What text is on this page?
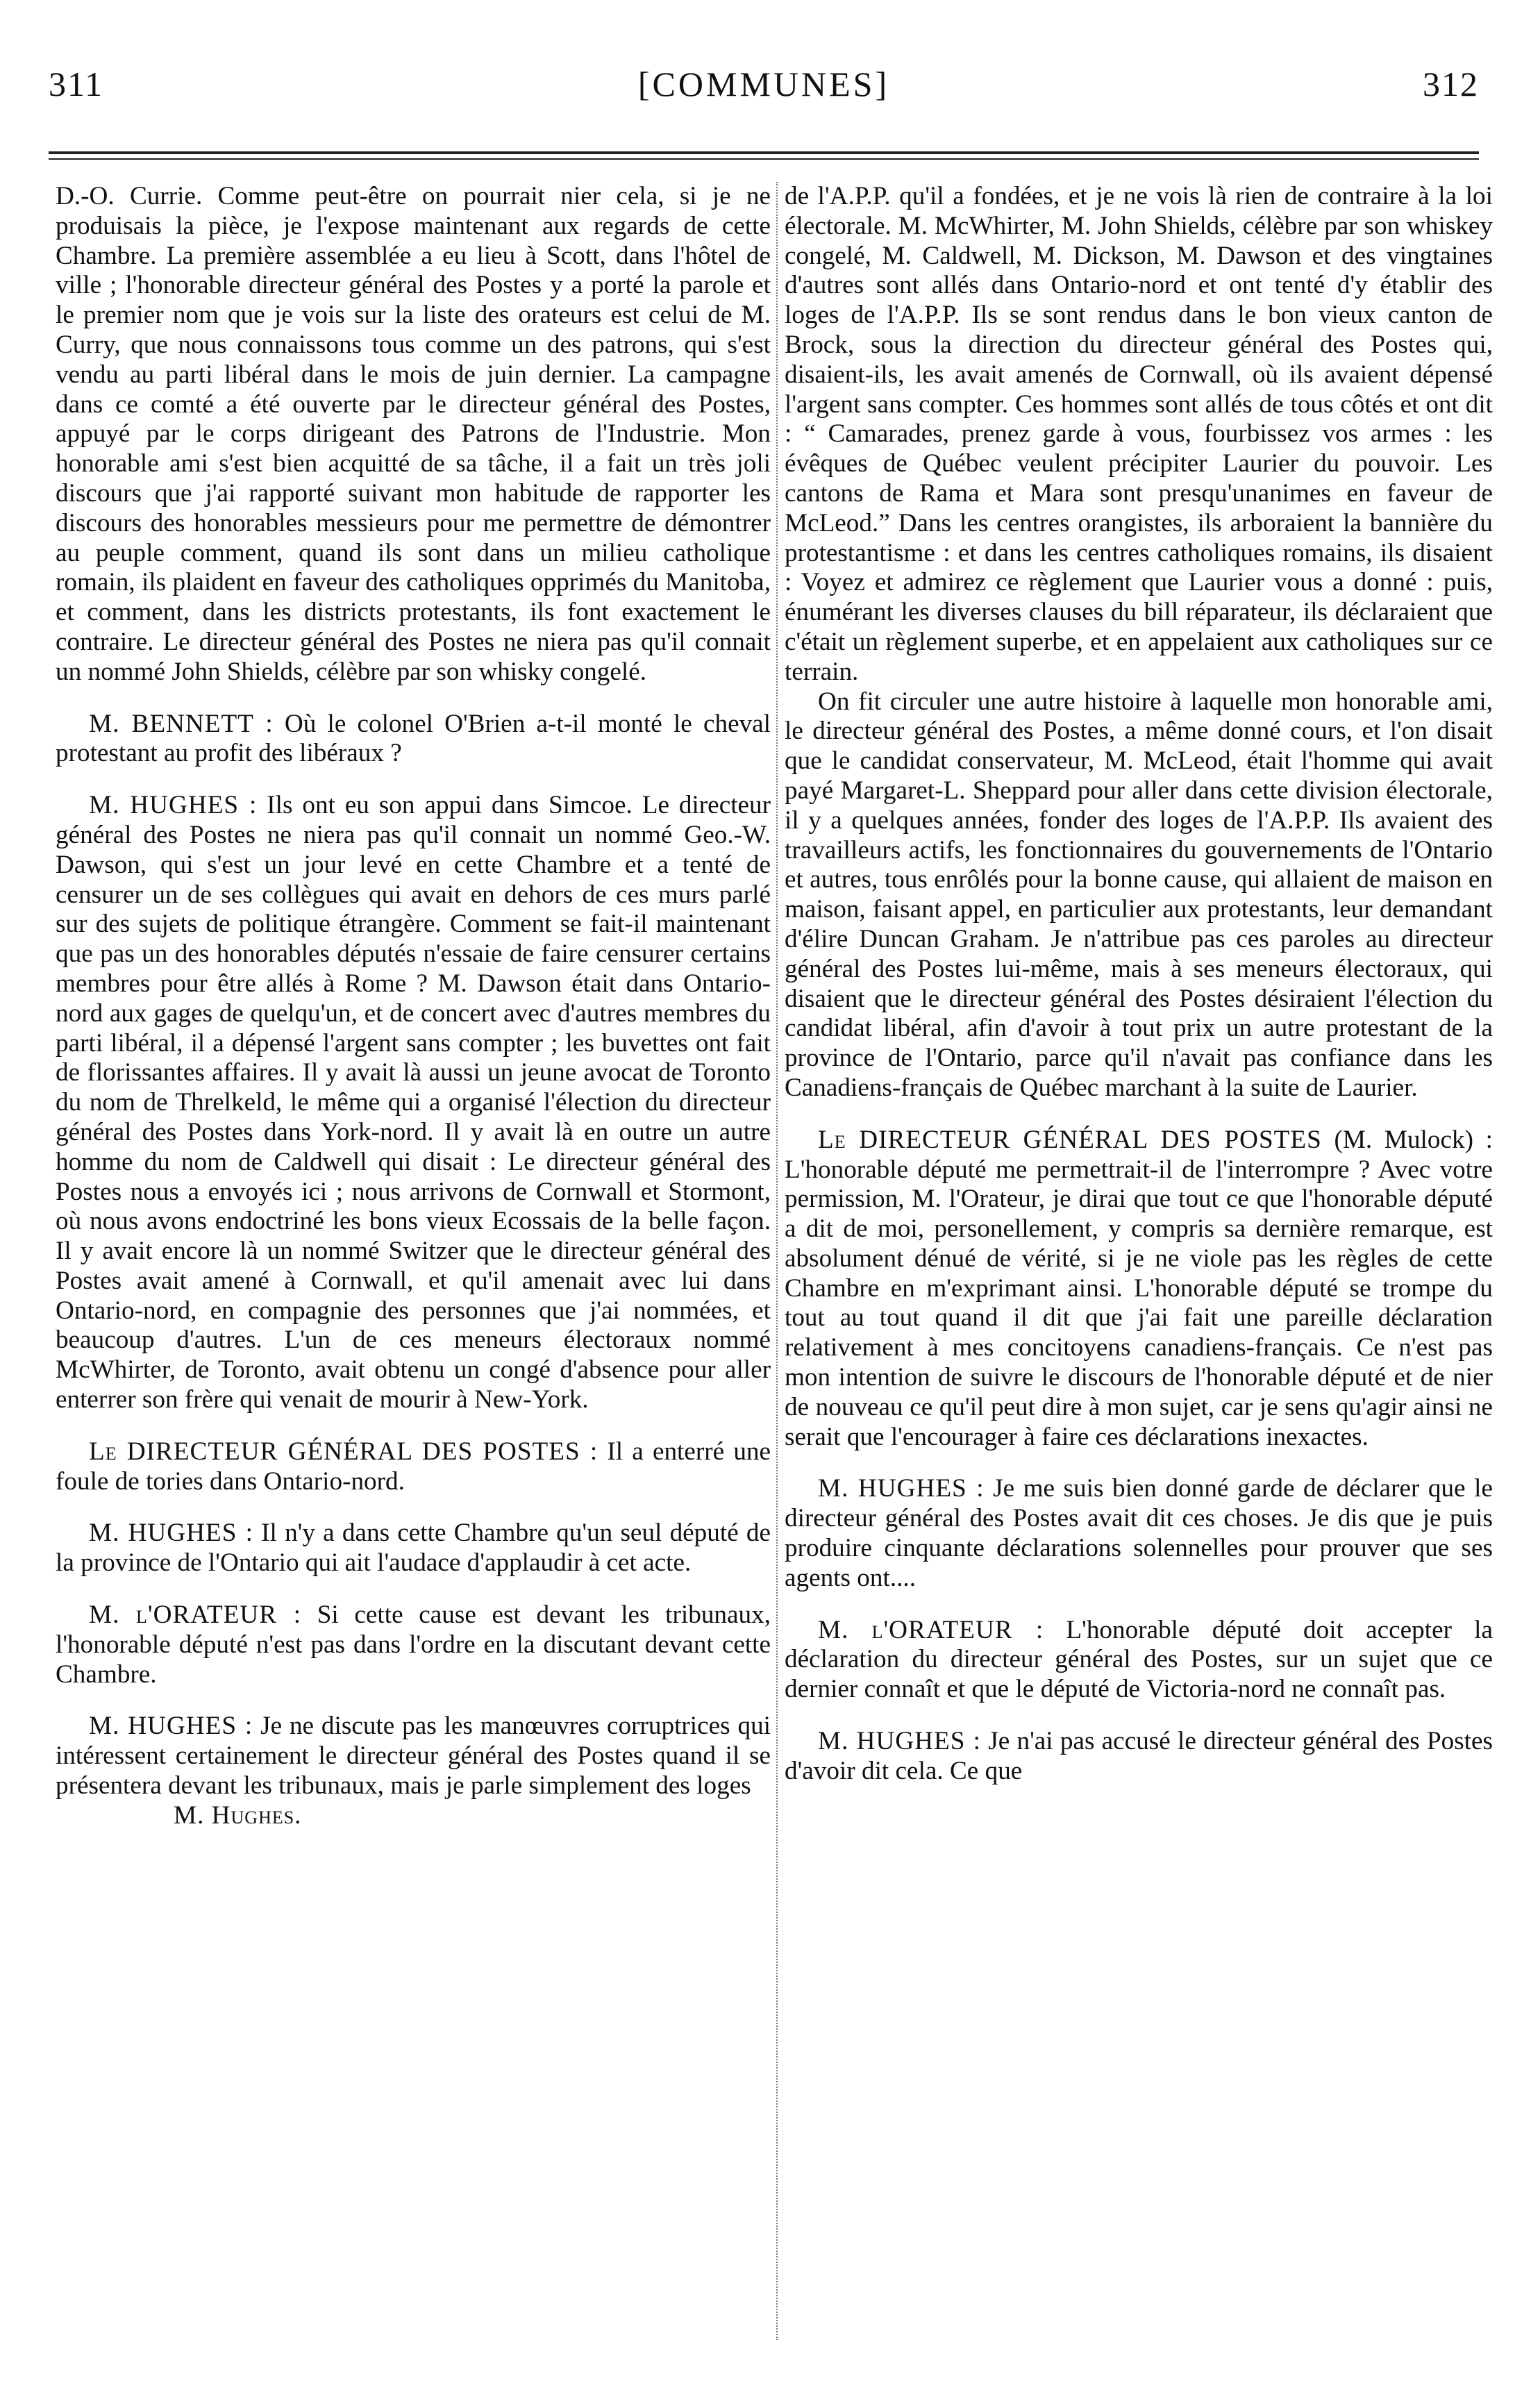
311	[COMMUNES]	312

D.-O. Currie. Comme peut-être on pourrait nier cela, si je ne produisais la pièce, je l'expose maintenant aux regards de cette Chambre. La première assemblée a eu lieu à Scott, dans l'hôtel de ville ; l'honorable directeur général des Postes y a porté la parole et le premier nom que je vois sur la liste des orateurs est celui de M. Curry, que nous connaissons tous comme un des patrons, qui s'est vendu au parti libéral dans le mois de juin dernier. La campagne dans ce comté a été ouverte par le directeur général des Postes, appuyé par le corps dirigeant des Patrons de l'Industrie. Mon honorable ami s'est bien acquitté de sa tâche, il a fait un très joli discours que j'ai rapporté suivant mon habitude de rapporter les discours des honorables messieurs pour me permettre de démontrer au peuple comment, quand ils sont dans un milieu catholique romain, ils plaident en faveur des catholiques opprimés du Manitoba, et comment, dans les districts protestants, ils font exactement le contraire. Le directeur général des Postes ne niera pas qu'il connait un nommé John Shields, célèbre par son whisky congelé.

M. BENNETT : Où le colonel O'Brien a-t-il monté le cheval protestant au profit des libéraux ?

M. HUGHES : Ils ont eu son appui dans Simcoe. Le directeur général des Postes ne niera pas qu'il connait un nommé Geo.-W. Dawson, qui s'est un jour levé en cette Chambre et a tenté de censurer un de ses collègues qui avait en dehors de ces murs parlé sur des sujets de politique étrangère. Comment se fait-il maintenant que pas un des honorables députés n'essaie de faire censurer certains membres pour être allés à Rome ? M. Dawson était dans Ontario-nord aux gages de quelqu'un, et de concert avec d'autres membres du parti libéral, il a dépensé l'argent sans compter ; les buvettes ont fait de florissantes affaires. Il y avait là aussi un jeune avocat de Toronto du nom de Threlkeld, le même qui a organisé l'élection du directeur général des Postes dans York-nord. Il y avait là en outre un autre homme du nom de Caldwell qui disait : Le directeur général des Postes nous a envoyés ici ; nous arrivons de Cornwall et Stormont, où nous avons endoctriné les bons vieux Ecossais de la belle façon. Il y avait encore là un nommé Switzer que le directeur général des Postes avait amené à Cornwall, et qu'il amenait avec lui dans Ontario-nord, en compagnie des personnes que j'ai nommées, et beaucoup d'autres. L'un de ces meneurs électoraux nommé McWhirter, de Toronto, avait obtenu un congé d'absence pour aller enterrer son frère qui venait de mourir à New-York.

Le DIRECTEUR GÉNÉRAL DES POSTES : Il a enterré une foule de tories dans Ontario-nord.

M. HUGHES : Il n'y a dans cette Chambre qu'un seul député de la province de l'Ontario qui ait l'audace d'applaudir à cet acte.

M. l'ORATEUR : Si cette cause est devant les tribunaux, l'honorable député n'est pas dans l'ordre en la discutant devant cette Chambre.

M. HUGHES : Je ne discute pas les manœuvres corruptrices qui intéressent certainement le directeur général des Postes quand il se présentera devant les tribunaux, mais je parle simplement des loges

M. Hughes.

de l'A.P.P. qu'il a fondées, et je ne vois là rien de contraire à la loi électorale. M. McWhirter, M. John Shields, célèbre par son whiskey congelé, M. Caldwell, M. Dickson, M. Dawson et des vingtaines d'autres sont allés dans Ontario-nord et ont tenté d'y établir des loges de l'A.P.P. Ils se sont rendus dans le bon vieux canton de Brock, sous la direction du directeur général des Postes qui, disaient-ils, les avait amenés de Cornwall, où ils avaient dépensé l'argent sans compter. Ces hommes sont allés de tous côtés et ont dit : “ Camarades, prenez garde à vous, fourbissez vos armes : les évêques de Québec veulent précipiter Laurier du pouvoir. Les cantons de Rama et Mara sont presqu'unanimes en faveur de McLeod.” Dans les centres orangistes, ils arboraient la bannière du protestantisme : et dans les centres catholiques romains, ils disaient : Voyez et admirez ce règlement que Laurier vous a donné : puis, énumérant les diverses clauses du bill réparateur, ils déclaraient que c'était un règlement superbe, et en appelaient aux catholiques sur ce terrain.

On fit circuler une autre histoire à laquelle mon honorable ami, le directeur général des Postes, a même donné cours, et l'on disait que le candidat conservateur, M. McLeod, était l'homme qui avait payé Margaret-L. Sheppard pour aller dans cette division électorale, il y a quelques années, fonder des loges de l'A.P.P. Ils avaient des travailleurs actifs, les fonctionnaires du gouvernements de l'Ontario et autres, tous enrôlés pour la bonne cause, qui allaient de maison en maison, faisant appel, en particulier aux protestants, leur demandant d'élire Duncan Graham. Je n'attribue pas ces paroles au directeur général des Postes lui-même, mais à ses meneurs électoraux, qui disaient que le directeur général des Postes désiraient l'élection du candidat libéral, afin d'avoir à tout prix un autre protestant de la province de l'Ontario, parce qu'il n'avait pas confiance dans les Canadiens-français de Québec marchant à la suite de Laurier.

Le DIRECTEUR GÉNÉRAL DES POSTES (M. Mulock) : L'honorable député me permettrait-il de l'interrompre ? Avec votre permission, M. l'Orateur, je dirai que tout ce que l'honorable député a dit de moi, personellement, y compris sa dernière remarque, est absolument dénué de vérité, si je ne viole pas les règles de cette Chambre en m'exprimant ainsi. L'honorable député se trompe du tout au tout quand il dit que j'ai fait une pareille déclaration relativement à mes concitoyens canadiens-français. Ce n'est pas mon intention de suivre le discours de l'honorable député et de nier de nouveau ce qu'il peut dire à mon sujet, car je sens qu'agir ainsi ne serait que l'encourager à faire ces déclarations inexactes.

M. HUGHES : Je me suis bien donné garde de déclarer que le directeur général des Postes avait dit ces choses. Je dis que je puis produire cinquante déclarations solennelles pour prouver que ses agents ont....

M. l'ORATEUR : L'honorable député doit accepter la déclaration du directeur général des Postes, sur un sujet que ce dernier connaît et que le député de Victoria-nord ne connaît pas.

M. HUGHES : Je n'ai pas accusé le directeur général des Postes d'avoir dit cela. Ce que
